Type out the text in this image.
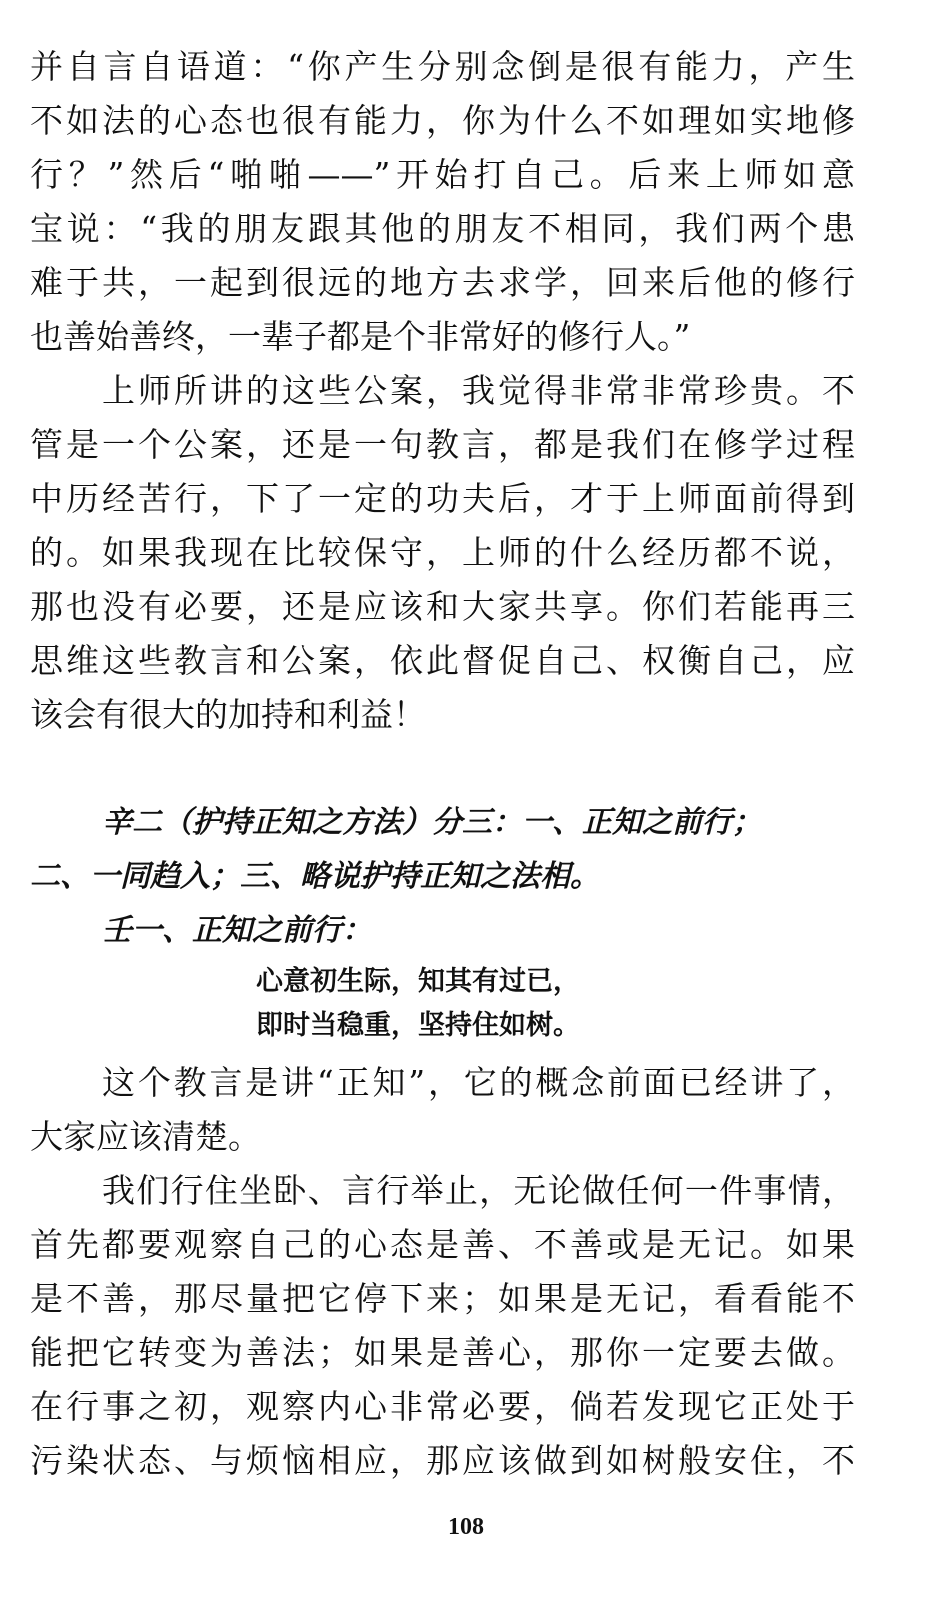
并自言自语道：“你产生分别念倒是很有能力，产生
不如法的心态也很有能力，你为什么不如理如实地修
行？”然后“啪啪——”开始打自己。后来上师如意
宝说：“我的朋友跟其他的朋友不相同，我们两个患
难于共，一起到很远的地方去求学，回来后他的修行
也善始善终，一辈子都是个非常好的修行人。”
上师所讲的这些公案，我觉得非常非常珍贵。不
管是一个公案，还是一句教言，都是我们在修学过程
中历经苦行，下了一定的功夫后，才于上师面前得到
的。如果我现在比较保守，上师的什么经历都不说，
那也没有必要，还是应该和大家共享。你们若能再三
思维这些教言和公案，依此督促自己、权衡自己，应
该会有很大的加持和利益！
辛二（护持正知之方法）分三：一、正知之前行；
二、一同趋入；三、略说护持正知之法相。
壬一、正知之前行：
心意初生际，知其有过已，
即时当稳重，坚持住如树。
这个教言是讲“正知”，它的概念前面已经讲了，
大家应该清楚。
我们行住坐卧、言行举止，无论做任何一件事情，
首先都要观察自己的心态是善、不善或是无记。如果
是不善，那尽量把它停下来；如果是无记，看看能不
能把它转变为善法；如果是善心，那你一定要去做。
在行事之初，观察内心非常必要，倘若发现它正处于
污染状态、与烦恼相应，那应该做到如树般安住，不
108
